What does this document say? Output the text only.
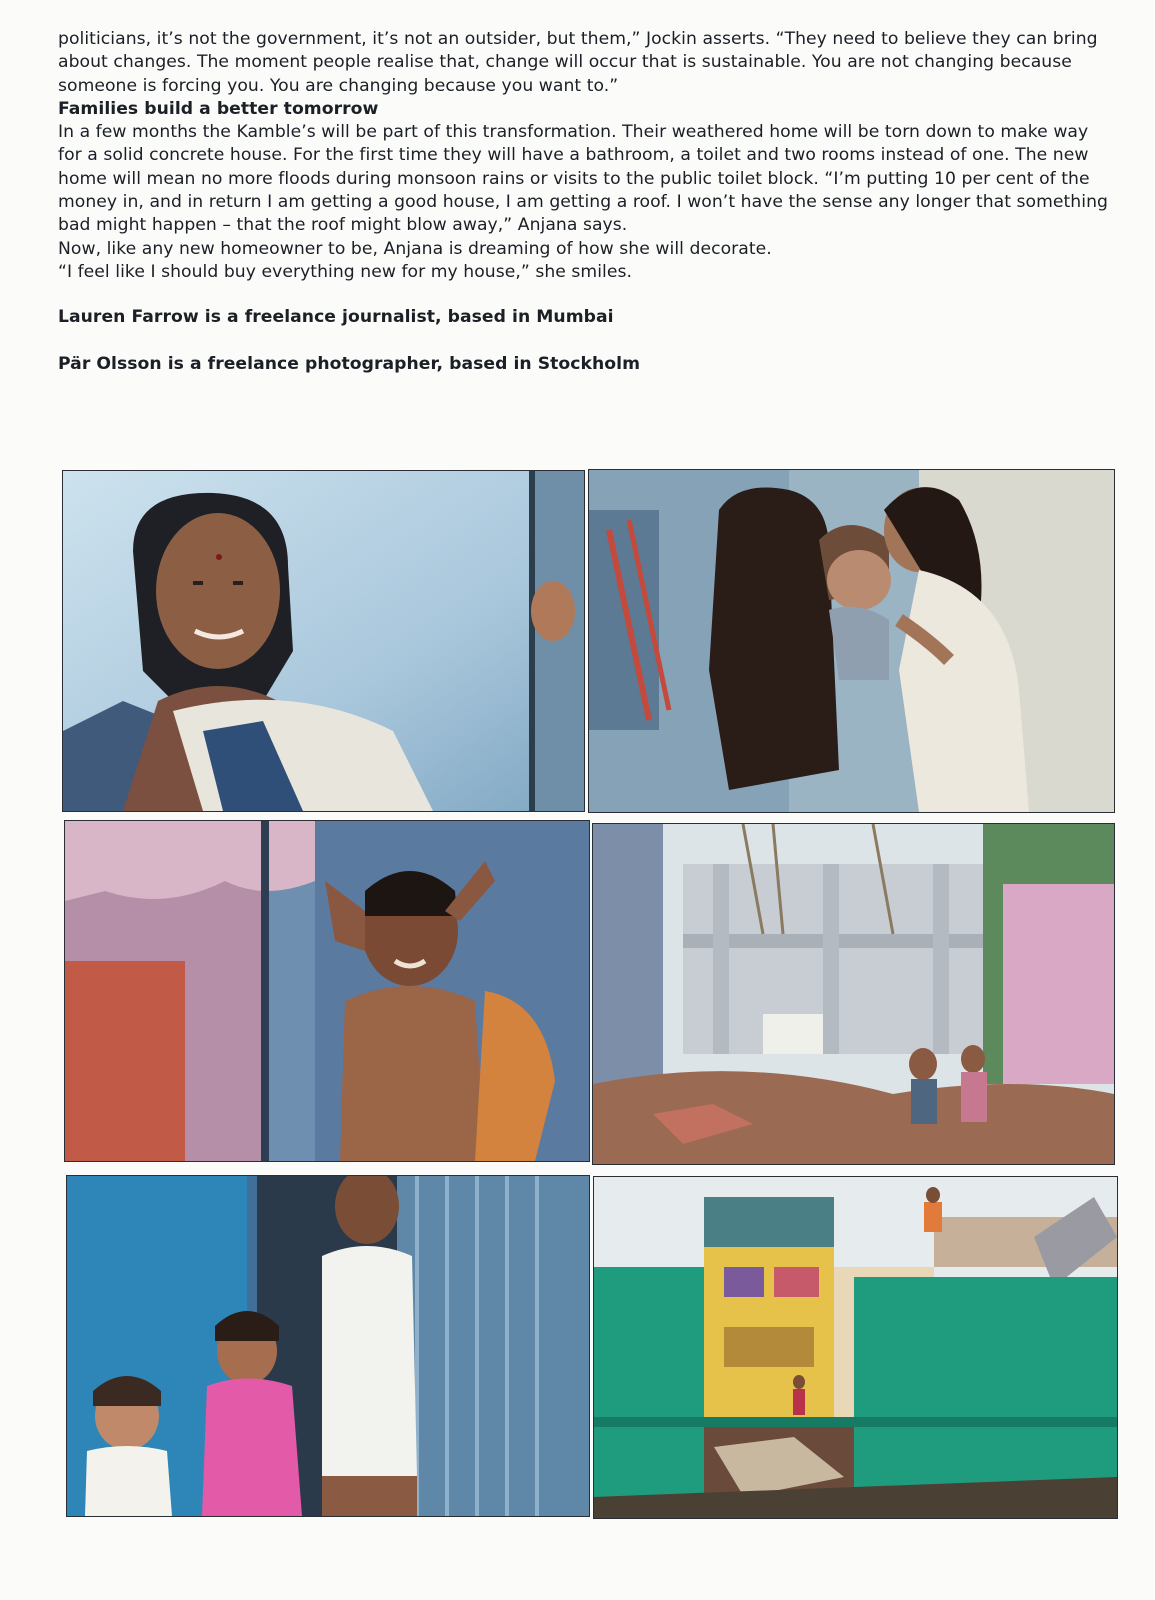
politicians, it’s not the government, it’s not an outsider, but them,” Jockin asserts. “They need to believe they can bring about changes. The moment people realise that, change will occur that is sustainable. You are not changing because someone is forcing you. You are changing because you want to.”

Families build a better tomorrow

In a few months the Kamble’s will be part of this transformation. Their weathered home will be torn down to make way for a solid concrete house. For the first time they will have a bathroom, a toilet and two rooms instead of one. The new home will mean no more floods during monsoon rains or visits to the public toilet block. “I’m putting 10 per cent of the money in, and in return I am getting a good house, I am getting a roof. I won’t have the sense any longer that something bad might happen – that the roof might blow away,” Anjana says.

Now, like any new homeowner to be, Anjana is dreaming of how she will decorate.

“I feel like I should buy everything new for my house,” she smiles.

Lauren Farrow is a freelance journalist, based in Mumbai

Pär Olsson is a freelance photographer, based in Stockholm
